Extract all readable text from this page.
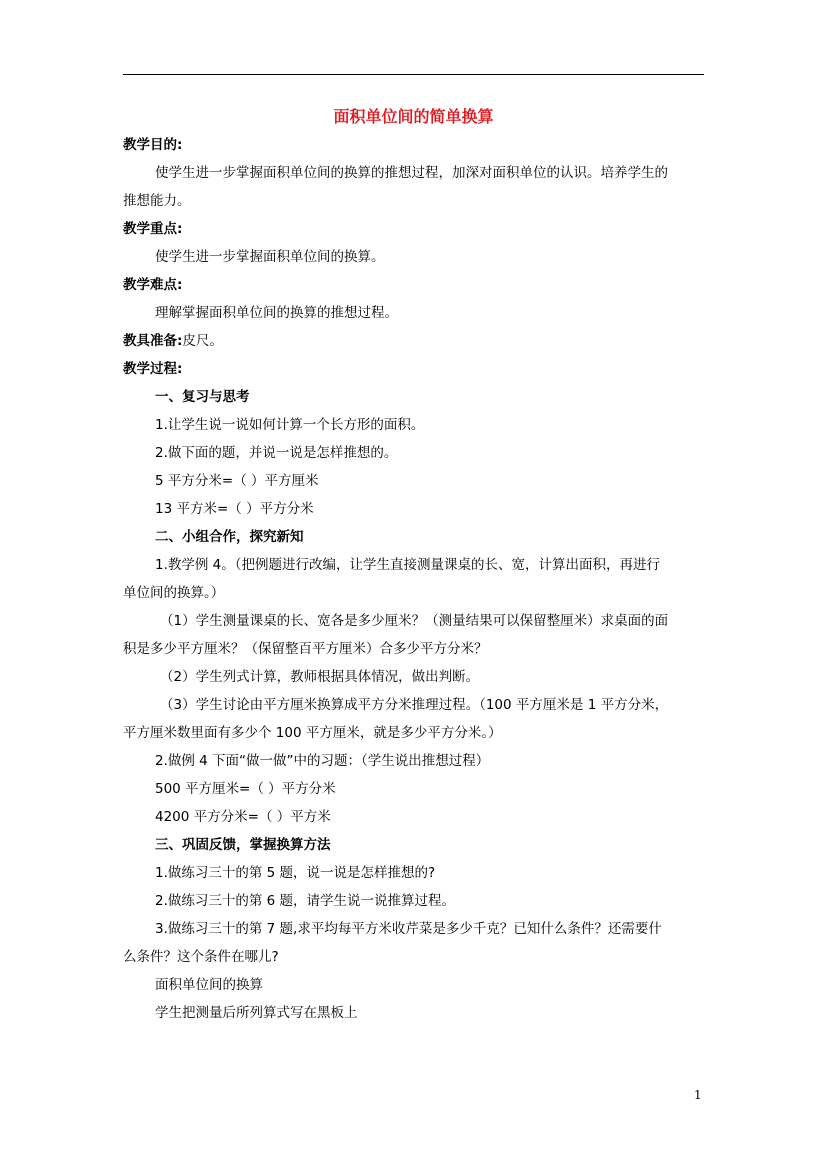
面积单位间的简单换算
教学目的:
使学生进一步掌握面积单位间的换算的推想过程，加深对面积单位的认识。培养学生的
推想能力。
教学重点:
使学生进一步掌握面积单位间的换算。
教学难点:
理解掌握面积单位间的换算的推想过程。
教具准备:皮尺。
教学过程:
一、复习与思考
1.让学生说一说如何计算一个长方形的面积。
2.做下面的题，并说一说是怎样推想的。
5 平方分米=（ ）平方厘米
13 平方米=（ ）平方分米
二、小组合作，探究新知
1.教学例 4。（把例题进行改编，让学生直接测量课桌的长、宽，计算出面积，再进行
单位间的换算。）
（1）学生测量课桌的长、宽各是多少厘米？（测量结果可以保留整厘米）求桌面的面
积是多少平方厘米？（保留整百平方厘米）合多少平方分米？
（2）学生列式计算，教师根据具体情况，做出判断。
（3）学生讨论由平方厘米换算成平方分米推理过程。（100 平方厘米是 1 平方分米，
平方厘米数里面有多少个 100 平方厘米，就是多少平方分米。）
2.做例 4 下面“做一做”中的习题：（学生说出推想过程）
500 平方厘米=（ ）平方分米
4200 平方分米=（ ）平方米
三、巩固反馈，掌握换算方法
1.做练习三十的第 5 题，说一说是怎样推想的?
2.做练习三十的第 6 题，请学生说一说推算过程。
3.做练习三十的第 7 题,求平均每平方米收芹菜是多少千克？已知什么条件？还需要什
么条件？这个条件在哪儿?
面积单位间的换算
学生把测量后所列算式写在黑板上
1
